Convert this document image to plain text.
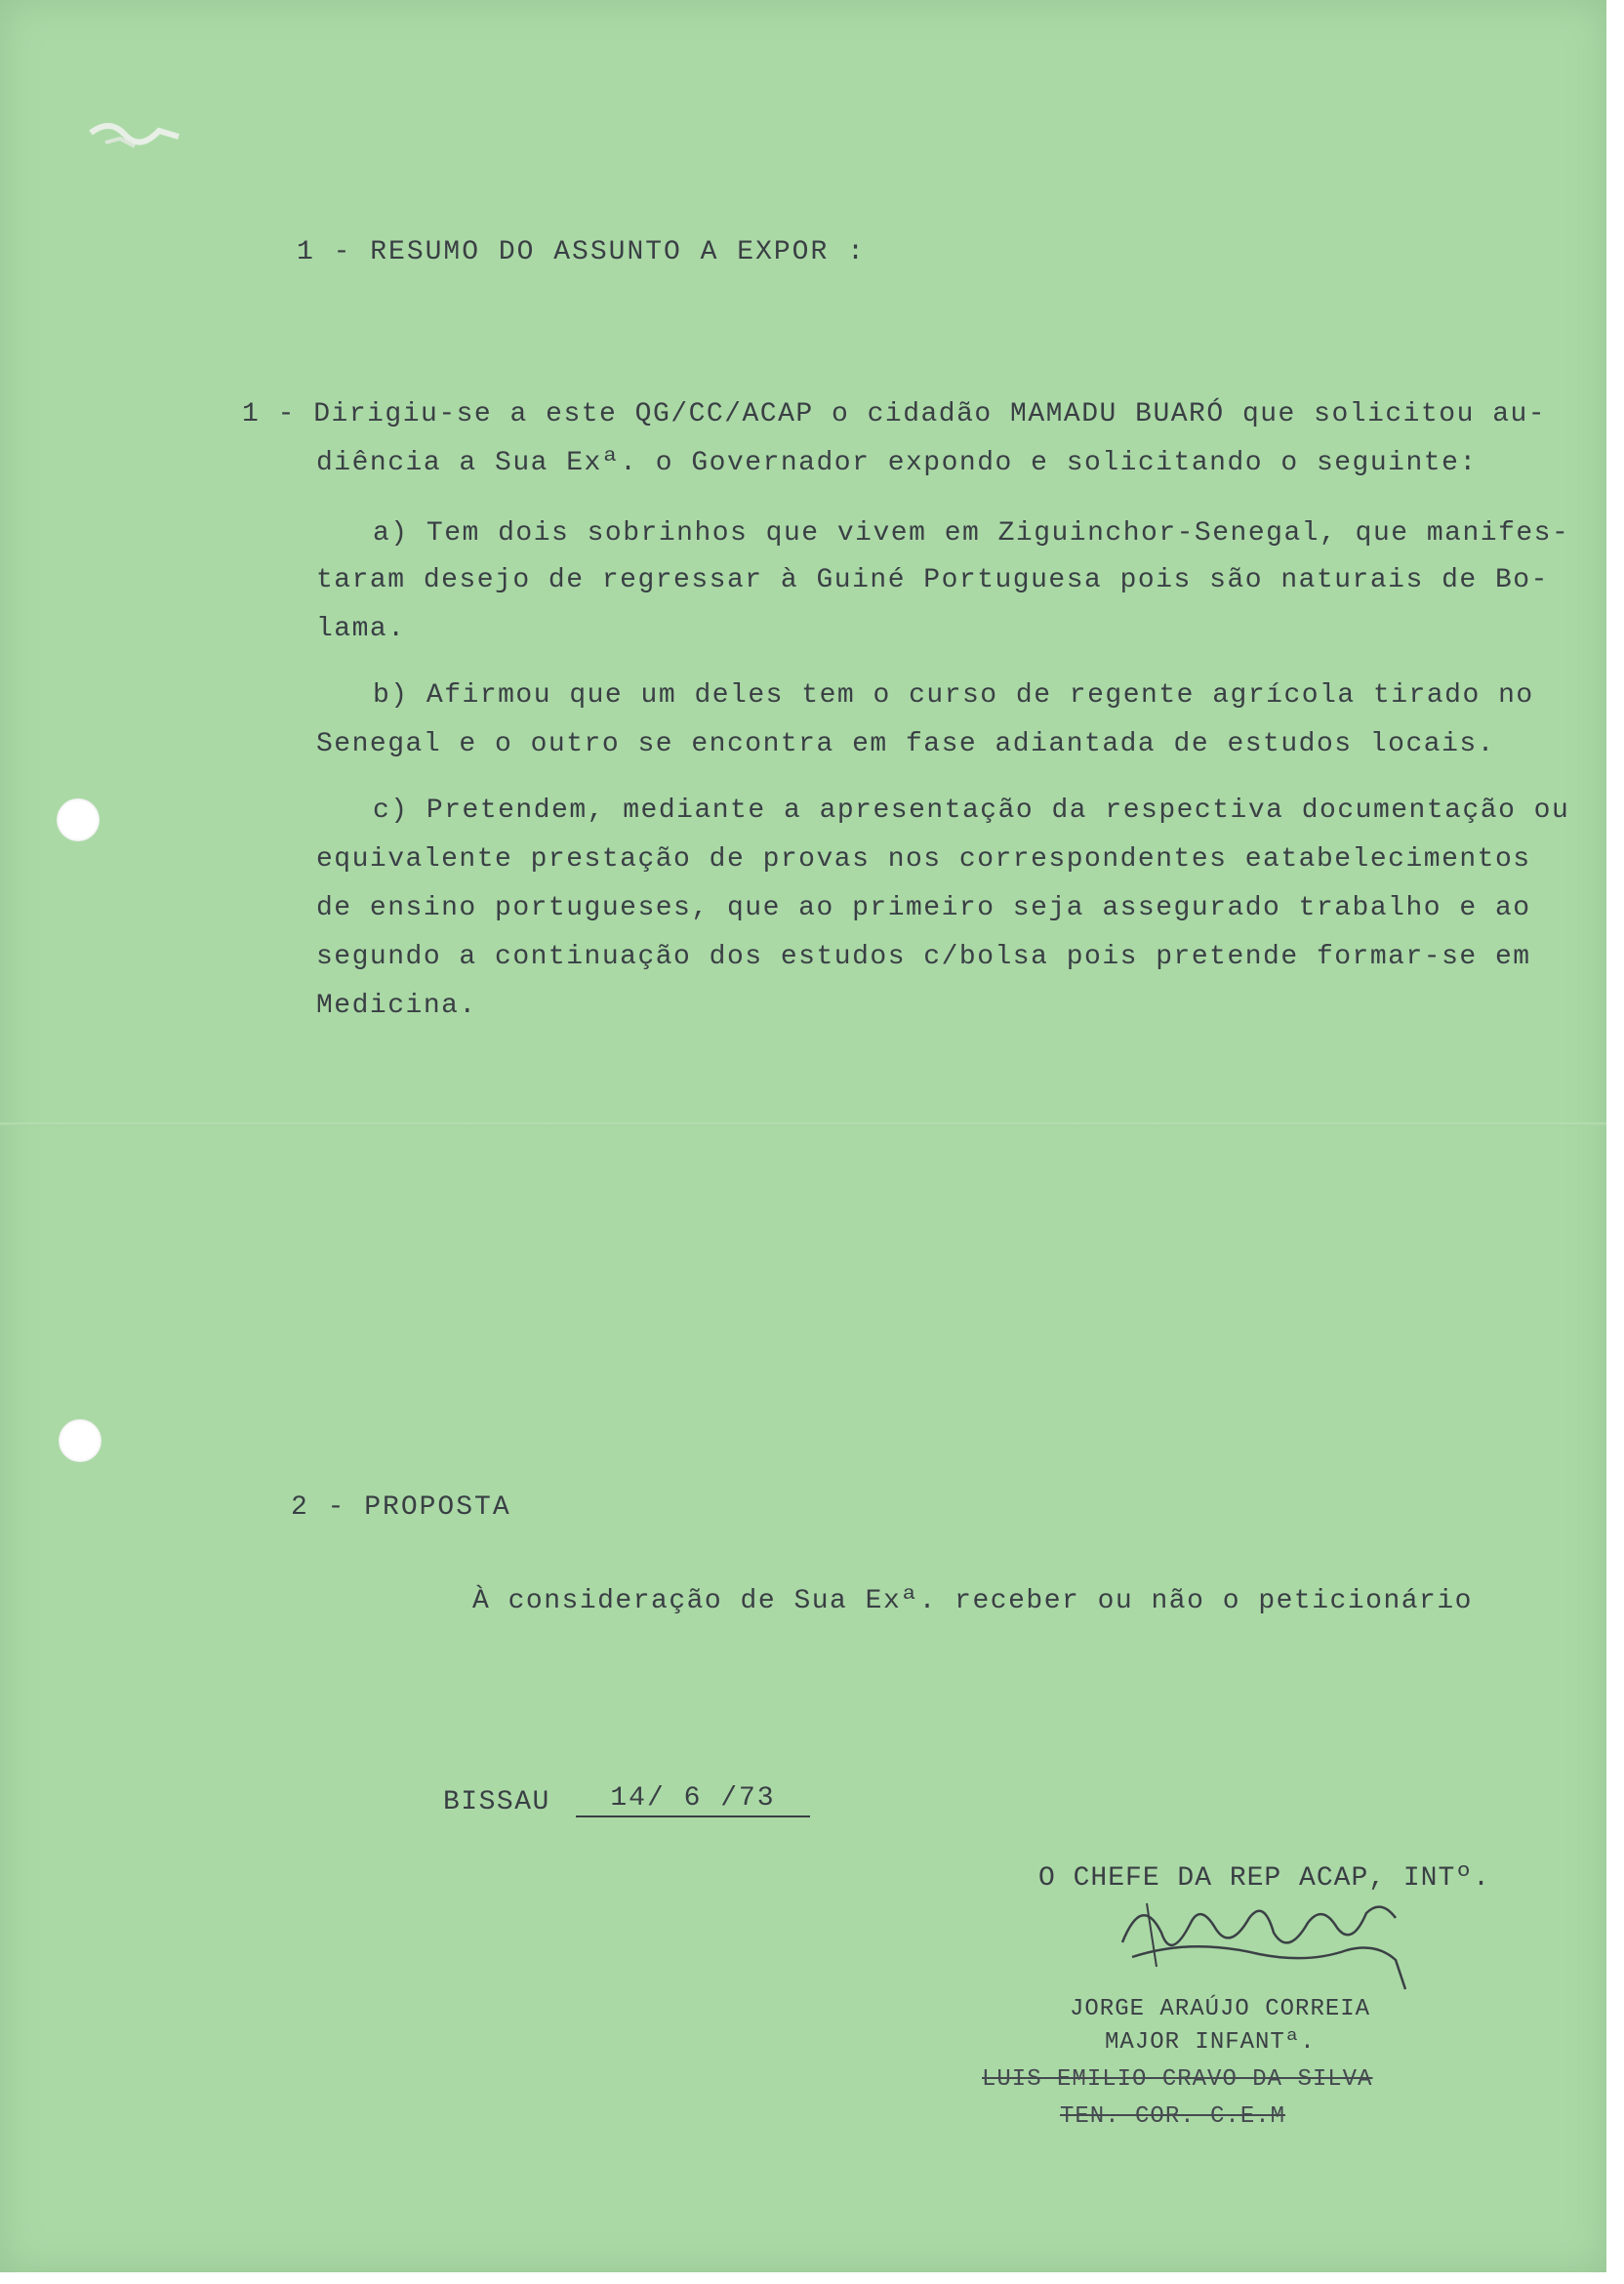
1 - RESUMO DO ASSUNTO A EXPOR :
1 - Dirigiu-se a este QG/CC/ACAP o cidadão MAMADU BUARÓ que solicitou au-
diência a Sua Exª. o Governador expondo e solicitando o seguinte:
a) Tem dois sobrinhos que vivem em Ziguinchor-Senegal, que manifes-
taram desejo de regressar à Guiné Portuguesa pois são naturais de Bo-
lama.
b) Afirmou que um deles tem o curso de regente agrícola tirado no
Senegal e o outro se encontra em fase adiantada de estudos locais.
c) Pretendem, mediante a apresentação da respectiva documentação ou
equivalente prestação de provas nos correspondentes eatabelecimentos
de ensino portugueses, que ao primeiro seja assegurado trabalho e ao
segundo a continuação dos estudos c/bolsa pois pretende formar-se em
Medicina.
2 - PROPOSTA
À consideração de Sua Exª. receber ou não o peticionário
BISSAU	14/ 6 /73
O CHEFE DA REP ACAP, INTº.
JORGE ARAÚJO CORREIA
MAJOR INFANTª.
LUIS EMILIO CRAVO DA SILVA
TEN. COR. C.E.M
